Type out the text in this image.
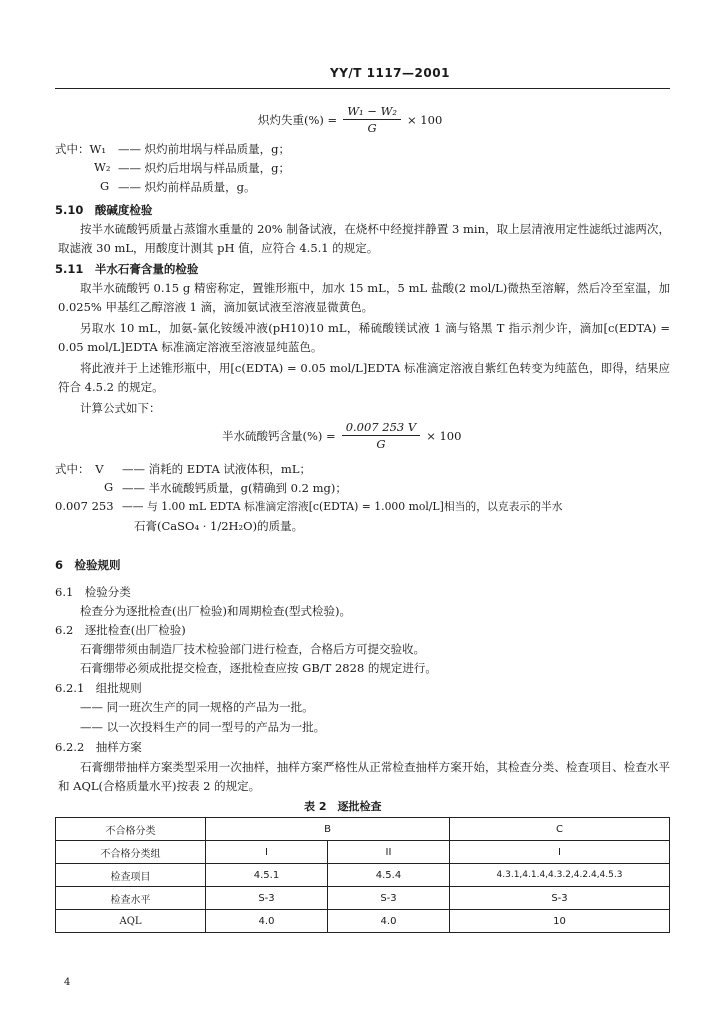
YY/T 1117—2001
炽灼失重(%) = $\frac{\text{W₁ − W₂}}{G} \times 100$
式中：W₁ —— 炽灼前坩埚与样品质量，g；
W₂ —— 炽灼后坩埚与样品质量，g；
G —— 炽灼前样品质量，g。
5.10　酸碱度检验
按半水硫酸钙质量占蒸馏水重量的 20% 制备试液，在烧杯中经搅拌静置 3 min，取上层清液用定性滤纸过滤两次，取滤液 30 mL，用酸度计测其 pH 值，应符合 4.5.1 的规定。
5.11　半水石膏含量的检验
取半水硫酸钙 0.15 g 精密称定，置锥形瓶中，加水 15 mL，5 mL 盐酸(2 mol/L)微热至溶解，然后冷至室温，加 0.025% 甲基红乙醇溶液 1 滴，滴加氨试液至溶液显微黄色。
另取水 10 mL，加氨-氯化铵缓冲液(pH10)10 mL，稀硫酸镁试液 1 滴与铬黑 T 指示剂少许，滴加[c(EDTA) = 0.05 mol/L]EDTA 标准滴定溶液至溶液显纯蓝色。
将此液并于上述锥形瓶中，用[c(EDTA) = 0.05 mol/L]EDTA 标准滴定溶液自紫红色转变为纯蓝色，即得，结果应符合 4.5.2 的规定。
计算公式如下：
半水硫酸钙含量(%) = $\frac{0.007 253 V}{G} \times 100$
式中：　V —— 消耗的 EDTA 试液体积，mL；
G —— 半水硫酸钙质量，g(精确到 0.2 mg)；
0.007 253 —— 与 1.00 mL EDTA 标准滴定溶液[c(EDTA) = 1.000 mol/L]相当的，以克表示的半水
石膏(CaSO₄ · 1/2H₂O)的质量。
6　检验规则
6.1　检验分类
检查分为逐批检查(出厂检验)和周期检查(型式检验)。
6.2　逐批检查(出厂检验)
石膏绷带须由制造厂技术检验部门进行检查，合格后方可提交验收。
石膏绷带必须成批提交检查，逐批检查应按 GB/T 2828 的规定进行。
6.2.1　组批规则
—— 同一班次生产的同一规格的产品为一批。
—— 以一次投料生产的同一型号的产品为一批。
6.2.2　抽样方案
石膏绷带抽样方案类型采用一次抽样，抽样方案严格性从正常检查抽样方案开始，其检查分类、检查项目、检查水平和 AQL(合格质量水平)按表 2 的规定。
表 2　逐批检查
不合格分类	B		C
不合格分类组	I	II	I
检查项目	4.5.1	4.5.4	4.3.1,4.1.4,4.3.2,4.2.4,4.5.3
检查水平	S-3	S-3	S-3
AQL	4.0	4.0	10
4
